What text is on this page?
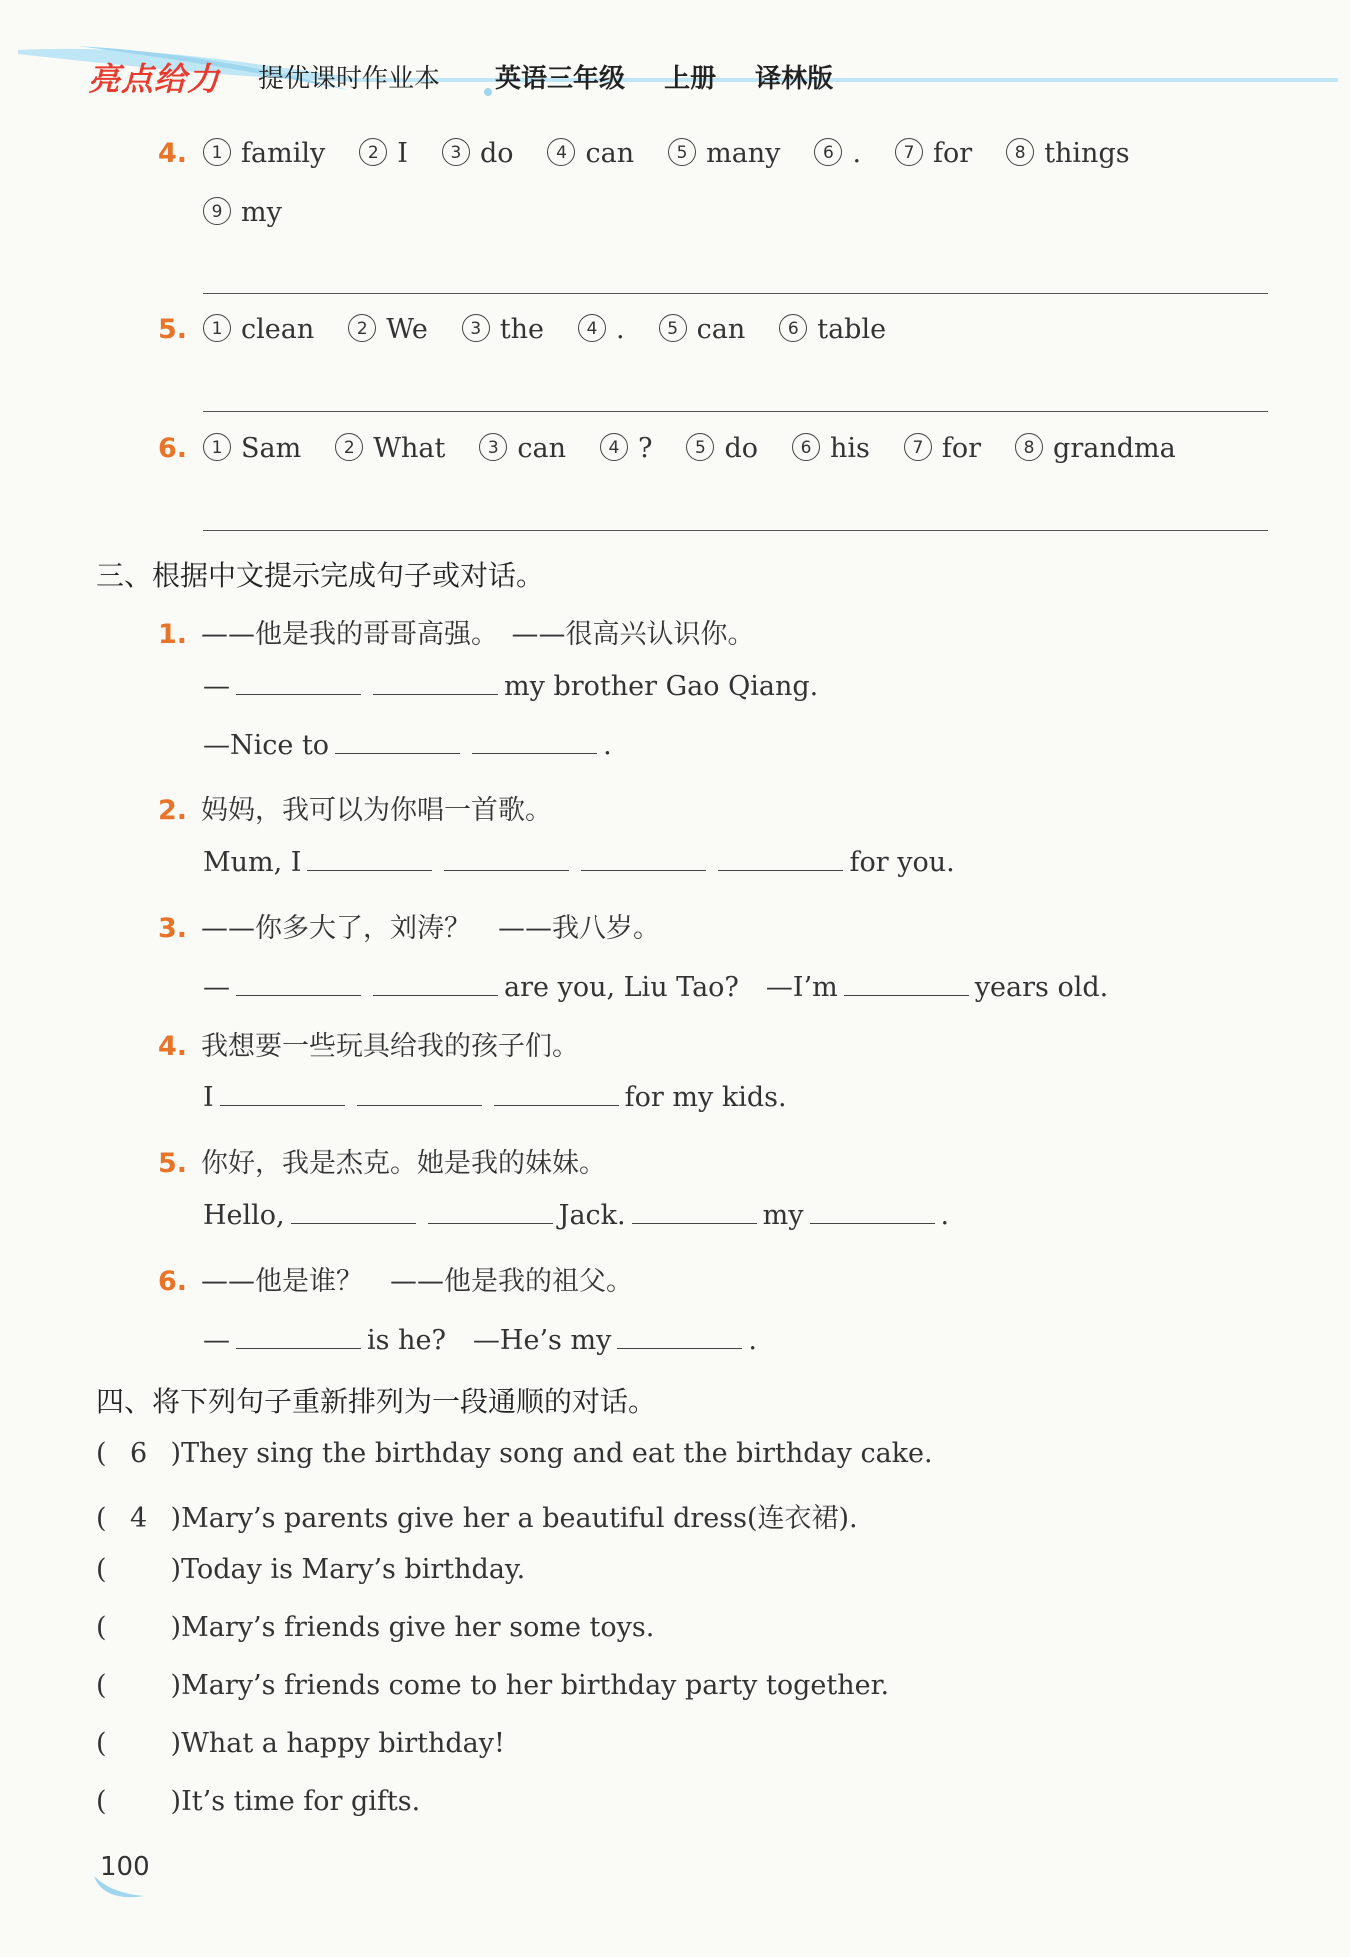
亮点给力 提优课时作业本 英语三年级 上册 译林版
4. 1 family	2 I	3 do	4 can	5 many	6 .	7 for	8 things
9 my
5. 1 clean	2 We	3 the	4 .	5 can	6 table
6. 1 Sam	2 What	3 can	4 ?	5 do	6 his	7 for	8 grandma
三、根据中文提示完成句子或对话。
1. ——他是我的哥哥高强。　——很高兴认识你。
—	my brother Gao Qiang.
—Nice to	.
2. 妈妈，我可以为你唱一首歌。
Mum, I	for you.
3. ——你多大了，刘涛？　——我八岁。
—	are you, Liu Tao?　—I’m	years old.
4. 我想要一些玩具给我的孩子们。
I	for my kids.
5. 你好，我是杰克。她是我的妹妹。
Hello,	Jack.	my	.
6. ——他是谁？　——他是我的祖父。
—	is he?　—He’s my	.
四、将下列句子重新排列为一段通顺的对话。
( 6 )They sing the birthday song and eat the birthday cake.
( 4 )Mary’s parents give her a beautiful dress(连衣裙).
( )Today is Mary’s birthday.
( )Mary’s friends give her some toys.
( )Mary’s friends come to her birthday party together.
( )What a happy birthday!
( )It’s time for gifts.
100
